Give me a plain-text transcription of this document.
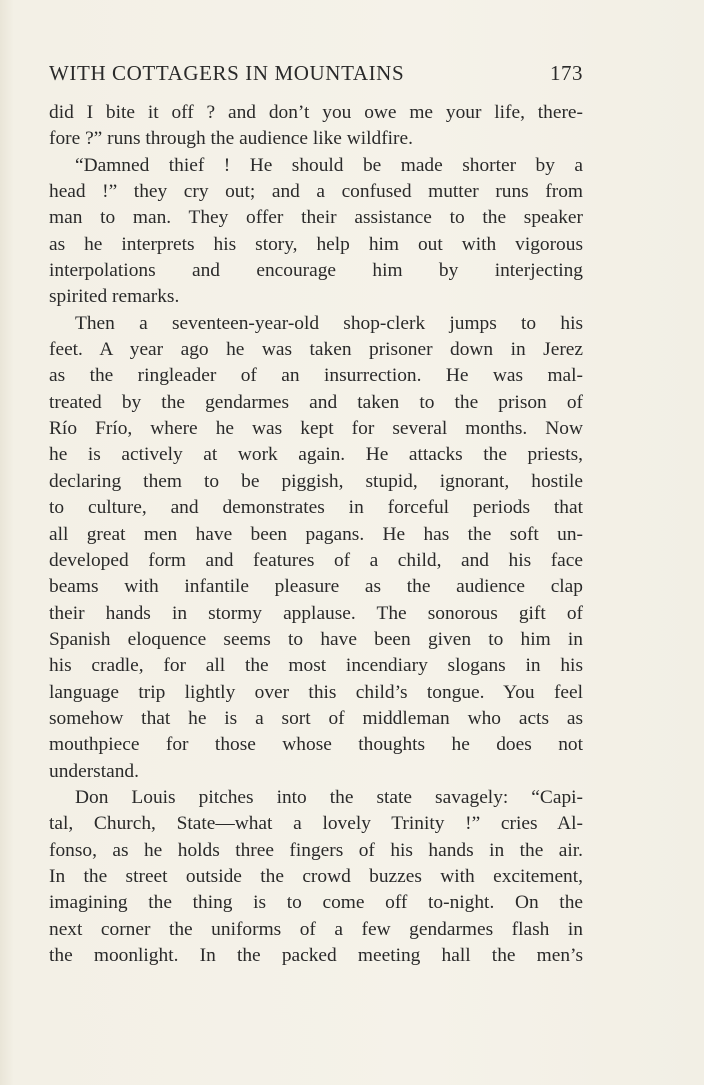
WITH COTTAGERS IN MOUNTAINS	173
did I bite it off ? and don’t you owe me your life, there-
fore ?” runs through the audience like wildfire.
“Damned thief ! He should be made shorter by a
head !” they cry out; and a confused mutter runs from
man to man. They offer their assistance to the speaker
as he interprets his story, help him out with vigorous
interpolations and encourage him by interjecting
spirited remarks.
Then a seventeen-year-old shop-clerk jumps to his
feet. A year ago he was taken prisoner down in Jerez
as the ringleader of an insurrection. He was mal-
treated by the gendarmes and taken to the prison of
Río Frío, where he was kept for several months. Now
he is actively at work again. He attacks the priests,
declaring them to be piggish, stupid, ignorant, hostile
to culture, and demonstrates in forceful periods that
all great men have been pagans. He has the soft un-
developed form and features of a child, and his face
beams with infantile pleasure as the audience clap
their hands in stormy applause. The sonorous gift of
Spanish eloquence seems to have been given to him in
his cradle, for all the most incendiary slogans in his
language trip lightly over this child’s tongue. You feel
somehow that he is a sort of middleman who acts as
mouthpiece for those whose thoughts he does not
understand.
Don Louis pitches into the state savagely: “Capi-
tal, Church, State—what a lovely Trinity !” cries Al-
fonso, as he holds three fingers of his hands in the air.
In the street outside the crowd buzzes with excitement,
imagining the thing is to come off to-night. On the
next corner the uniforms of a few gendarmes flash in
the moonlight. In the packed meeting hall the men’s
